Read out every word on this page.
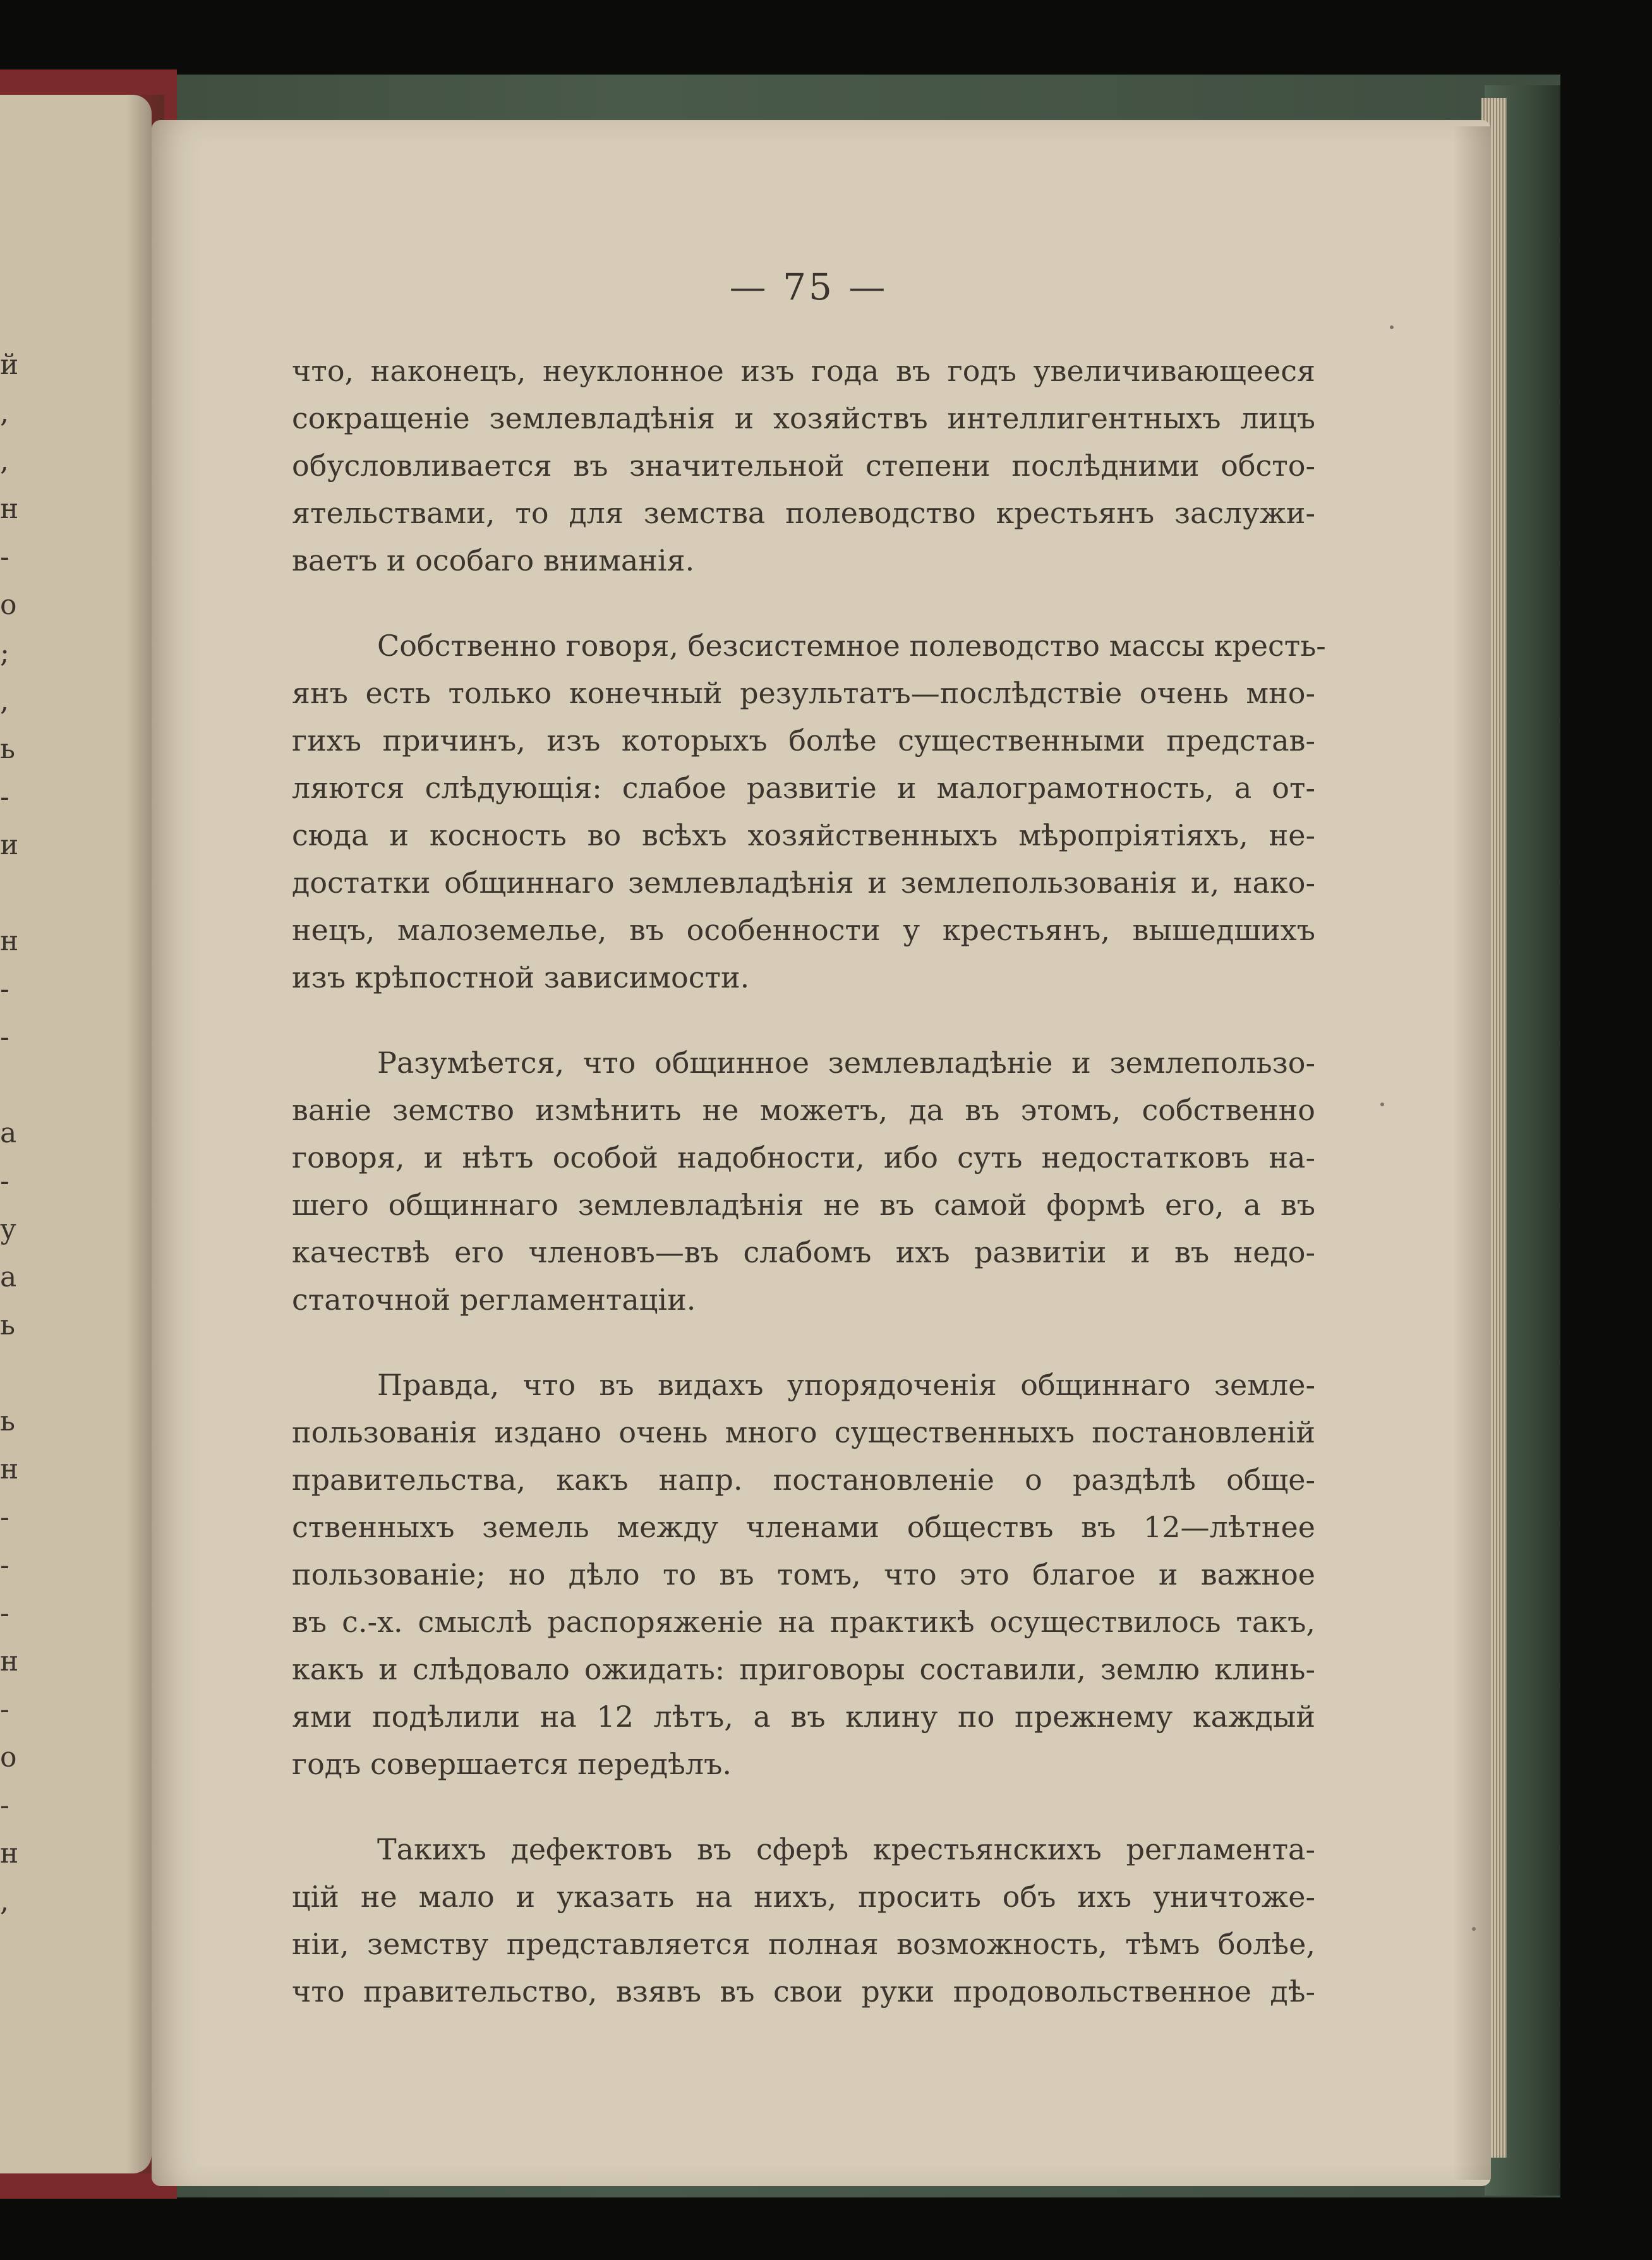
й
,
,
н
-
о
;
,
ь
-
и
н
-
-
а
-
у
а
ь
ь
н
-
-
-
н
-
о
-
н
,
— 75 —
что, наконецъ, неуклонное изъ года въ годъ увеличивающееся
сокращеніе землевладѣнія и хозяйствъ интеллигентныхъ лицъ
обусловливается въ значительной степени послѣдними обсто-
ятельствами, то для земства полеводство крестьянъ заслужи-
ваетъ и особаго вниманія.
Собственно говоря, безсистемное полеводство массы кресть-
янъ есть только конечный результатъ—послѣдствіе очень мно-
гихъ причинъ, изъ которыхъ болѣе существенными представ-
ляются слѣдующія: слабое развитіе и малограмотность, а от-
сюда и косность во всѣхъ хозяйственныхъ мѣропріятіяхъ, не-
достатки общиннаго землевладѣнія и землепользованія и, нако-
нецъ, малоземелье, въ особенности у крестьянъ, вышедшихъ
изъ крѣпостной зависимости.
Разумѣется, что общинное землевладѣніе и землепользо-
ваніе земство измѣнить не можетъ, да въ этомъ, собственно
говоря, и нѣтъ особой надобности, ибо суть недостатковъ на-
шего общиннаго землевладѣнія не въ самой формѣ его, а въ
качествѣ его членовъ—въ слабомъ ихъ развитіи и въ недо-
статочной регламентаціи.
Правда, что въ видахъ упорядоченія общиннаго земле-
пользованія издано очень много существенныхъ постановленій
правительства, какъ напр. постановленіе о раздѣлѣ обще-
ственныхъ земель между членами обществъ въ 12—лѣтнее
пользованіе; но дѣло то въ томъ, что это благое и важное
въ с.-х. смыслѣ распоряженіе на практикѣ осуществилось такъ,
какъ и слѣдовало ожидать: приговоры составили, землю клинь-
ями подѣлили на 12 лѣтъ, а въ клину по прежнему каждый
годъ совершается передѣлъ.
Такихъ дефектовъ въ сферѣ крестьянскихъ регламента-
цій не мало и указать на нихъ, просить объ ихъ уничтоже-
ніи, земству представляется полная возможность, тѣмъ болѣе,
что правительство, взявъ въ свои руки продовольственное дѣ-
